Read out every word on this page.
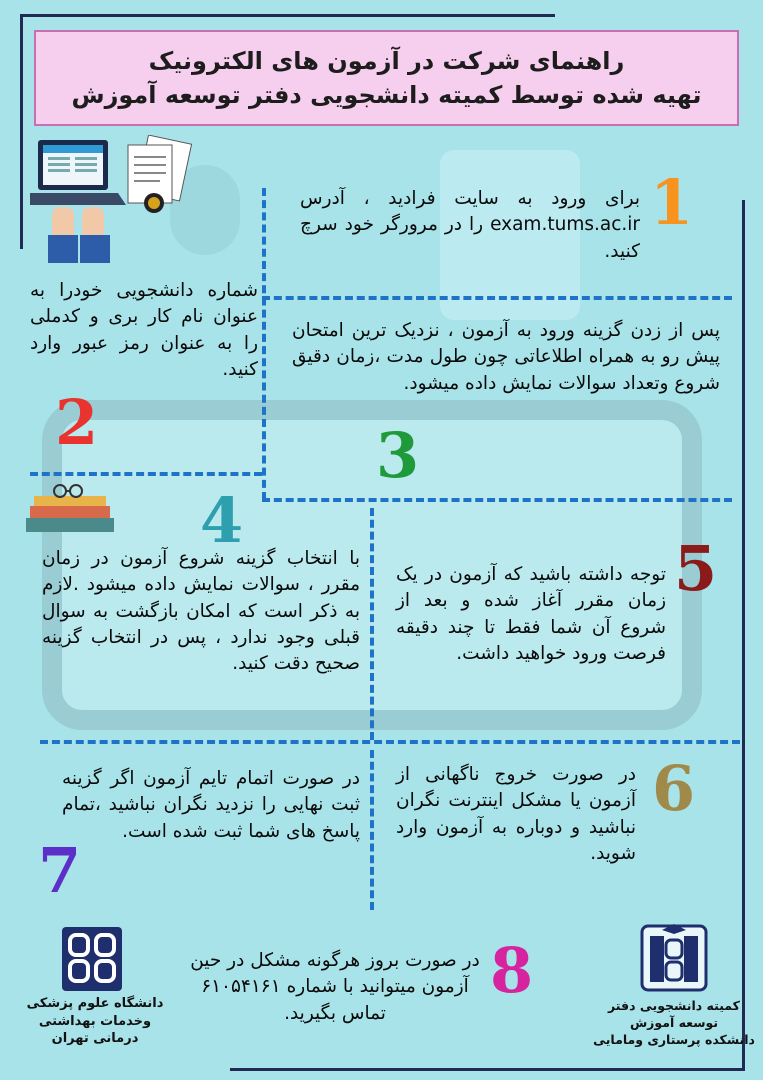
راهنمای شرکت در آزمون های الکترونیک
تهیه شده توسط کمیته دانشجویی دفتر توسعه آموزش
1
برای ورود به سایت فرادید ، آدرس exam.tums.ac.ir را در مرورگر خود سرچ کنید.
شماره دانشجویی خودرا به عنوان نام کار بری و کدملی را به عنوان رمز عبور وارد کنید.
2
پس از زدن گزینه ورود به آزمون ، نزدیک ترین امتحان پیش رو به همراه اطلاعاتی چون طول مدت ،زمان دقیق شروع وتعداد سوالات نمایش داده میشود.
3
4
با انتخاب گزینه شروع آزمون در زمان مقرر ، سوالات نمایش داده میشود .لازم به ذکر است که امکان بازگشت به سوال قبلی وجود ندارد ، پس در انتخاب گزینه صحیح دقت کنید.
5
توجه داشته باشید که آزمون در یک زمان مقرر آغاز شده و بعد از شروع آن شما فقط تا چند دقیقه فرصت ورود خواهید داشت.
6
در صورت خروج ناگهانی از آزمون یا مشکل اینترنت نگران نباشید و دوباره به آزمون وارد شوید.
در صورت اتمام تایم آزمون اگر گزینه ثبت نهایی را نزدید نگران نباشید ،تمام پاسخ های شما ثبت شده است.
7
8
در صورت بروز هرگونه مشکل در حین آزمون میتوانید با شماره ۶۱۰۵۴۱۶۱ تماس بگیرید.
دانشگاه علوم پزشکی
وخدمات بهداشتی درمانی تهران
کمیته دانشجویی دفتر توسعه آموزش
دانشکده پرستاری ومامایی
